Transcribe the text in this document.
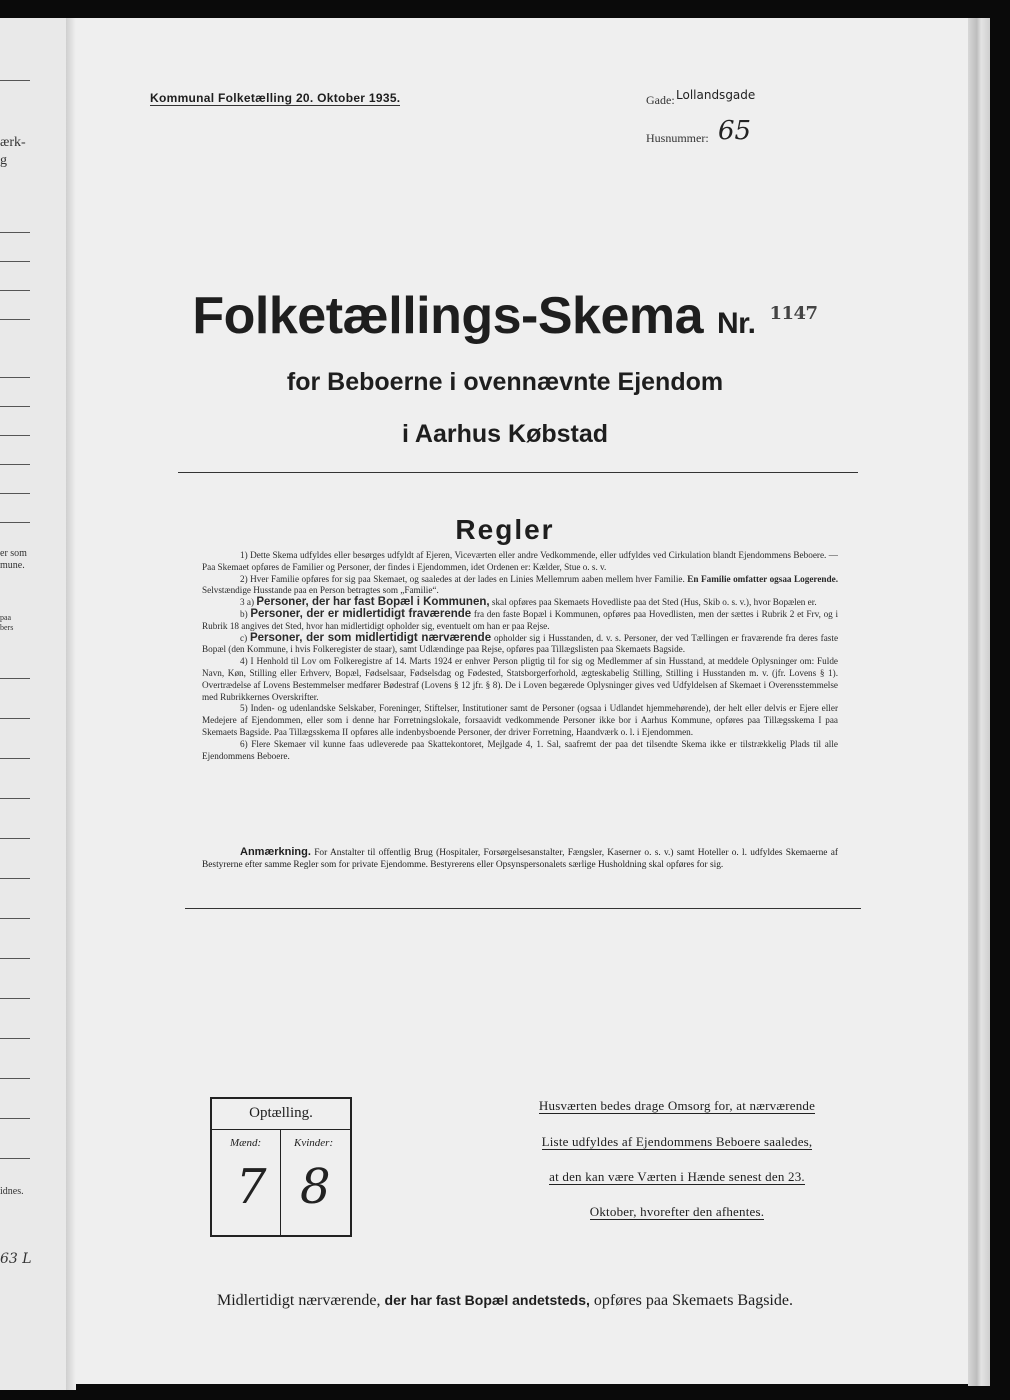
ærk-
g
er som
mune.
paa
bers
idnes.
63 L
Kommunal Folketælling 20. Oktober 1935.	Gade: Lollandsgade
Husnummer: 65
Folketællings-Skema Nr. $^{1147}$
for Beboerne i ovennævnte Ejendom
i Aarhus Købstad
Regler

1) Dette Skema udfyldes eller besørges udfyldt af Ejeren, Viceværten eller andre Vedkommende, eller udfyldes ved Cirkulation blandt Ejendommens Beboere. — Paa Skemaet opføres de Familier og Personer, der findes i Ejendommen, idet Ordenen er: Kælder, Stue o. s. v.

2) Hver Familie opføres for sig paa Skemaet, og saaledes at der lades en Linies Mellemrum aaben mellem hver Familie. En Familie omfatter ogsaa Logerende. Selvstændige Husstande paa en Person betragtes som „Familie“.

3 a) Personer, der har fast Bopæl i Kommunen, skal opføres paa Skemaets Hovedliste paa det Sted (Hus, Skib o. s. v.), hvor Bopælen er.

b) Personer, der er midlertidigt fraværende fra den faste Bopæl i Kommunen, opføres paa Hovedlisten, men der sættes i Rubrik 2 et Frv, og i Rubrik 18 angives det Sted, hvor han midlertidigt opholder sig, eventuelt om han er paa Rejse.

c) Personer, der som midlertidigt nærværende opholder sig i Husstanden, d. v. s. Personer, der ved Tællingen er fraværende fra deres faste Bopæl (den Kommune, i hvis Folkeregister de staar), samt Udlændinge paa Rejse, opføres paa Tillægslisten paa Skemaets Bagside.

4) I Henhold til Lov om Folkeregistre af 14. Marts 1924 er enhver Person pligtig til for sig og Medlemmer af sin Husstand, at meddele Oplysninger om: Fulde Navn, Køn, Stilling eller Erhverv, Bopæl, Fødselsaar, Fødselsdag og Fødested, Statsborgerforhold, ægteskabelig Stilling, Stilling i Husstanden m. v. (jfr. Lovens § 1). Overtrædelse af Lovens Bestemmelser medfører Bødestraf (Lovens § 12 jfr. § 8). De i Loven begærede Oplysninger gives ved Udfyldelsen af Skemaet i Overensstemmelse med Rubrikkernes Overskrifter.

5) Inden- og udenlandske Selskaber, Foreninger, Stiftelser, Institutioner samt de Personer (ogsaa i Udlandet hjemmehørende), der helt eller delvis er Ejere eller Medejere af Ejendommen, eller som i denne har Forretningslokale, forsaavidt vedkommende Personer ikke bor i Aarhus Kommune, opføres paa Tillægsskema I paa Skemaets Bagside. Paa Tillægsskema II opføres alle indenbysboende Personer, der driver Forretning, Haandværk o. l. i Ejendommen.

6) Flere Skemaer vil kunne faas udleverede paa Skattekontoret, Mejlgade 4, 1. Sal, saafremt der paa det tilsendte Skema ikke er tilstrækkelig Plads til alle Ejendommens Beboere.

Anmærkning. For Anstalter til offentlig Brug (Hospitaler, Forsørgelsesanstalter, Fængsler, Kaserner o. s. v.) samt Hoteller o. l. udfyldes Skemaerne af Bestyrerne efter samme Regler som for private Ejendomme. Bestyrerens eller Opsynspersonalets særlige Husholdning skal opføres for sig.
Optælling.
Mænd:	Kvinder:
7 8
Husværten bedes drage Omsorg for, at nærværende
Liste udfyldes af Ejendommens Beboere saaledes,
at den kan være Værten i Hænde senest den 23.
Oktober, hvorefter den afhentes.
Midlertidigt nærværende, der har fast Bopæl andetsteds, opføres paa Skemaets Bagside.
